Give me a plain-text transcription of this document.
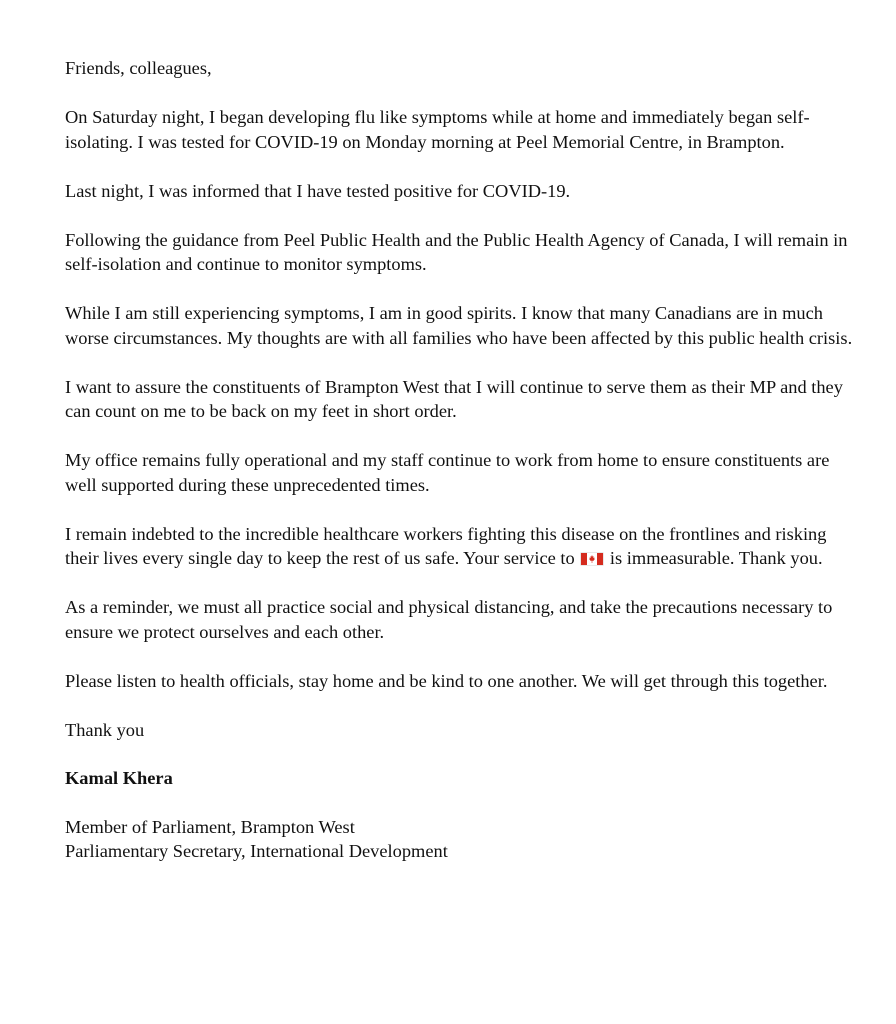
Friends, colleagues,

On Saturday night, I began developing flu like symptoms while at home and immediately began self-isolating. I was tested for COVID-19 on Monday morning at Peel Memorial Centre, in Brampton.

Last night, I was informed that I have tested positive for COVID-19.

Following the guidance from Peel Public Health and the Public Health Agency of Canada, I will remain in self-isolation and continue to monitor symptoms.

While I am still experiencing symptoms, I am in good spirits. I know that many Canadians are in much worse circumstances. My thoughts are with all families who have been affected by this public health crisis.

I want to assure the constituents of Brampton West that I will continue to serve them as their MP and they can count on me to be back on my feet in short order.

My office remains fully operational and my staff continue to work from home to ensure constituents are well supported during these unprecedented times.

I remain indebted to the incredible healthcare workers fighting this disease on the frontlines and risking their lives every single day to keep the rest of us safe. Your service to is immeasurable. Thank you.

As a reminder, we must all practice social and physical distancing, and take the precautions necessary to ensure we protect ourselves and each other.

Please listen to health officials, stay home and be kind to one another. We will get through this together.

Thank you

Kamal Khera

Member of Parliament, Brampton West
Parliamentary Secretary, International Development
